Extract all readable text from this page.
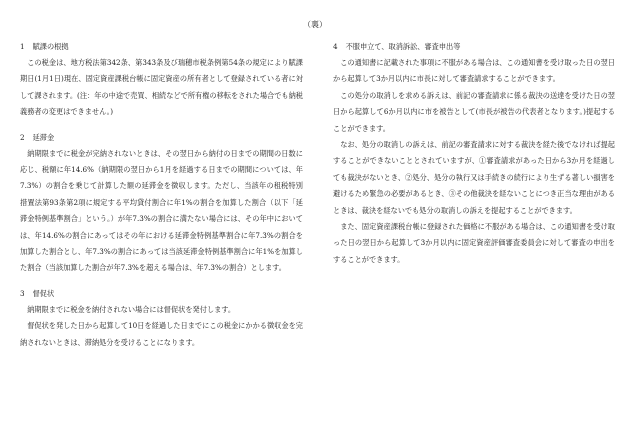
（裏）
1 賦課の根拠

この税金は、地方税法第342条、第343条及び瑞穂市税条例第54条の規定により賦課期日(1月1日)現在、固定資産課税台帳に固定資産の所有者として登録されている者に対して課されます。(注：年の中途で売買、相続などで所有権の移転をされた場合でも納税義務者の変更はできません。)

2 延滞金

納期限までに税金が完納されないときは、その翌日から納付の日までの期間の日数に応じ、税額に年14.6%（納期限の翌日から1月を経過する日までの期間については、年7.3%）の割合を乗じて計算した額の延滞金を徴収します。ただし、当該年の租税特別措置法第93条第2項に規定する平均貸付割合に年1%の割合を加算した割合（以下「延滞金特例基準割合」という。）が年7.3%の割合に満たない場合には、その年中においては、年14.6%の割合にあってはその年における延滞金特例基準割合に年7.3%の割合を加算した割合とし、年7.3%の割合にあっては当該延滞金特例基準割合に年1%を加算した割合（当該加算した割合が年7.3%を超える場合は、年7.3%の割合）とします。

3 督促状

納期限までに税金を納付されない場合には督促状を発付します。

督促状を発した日から起算して10日を経過した日までにこの税金にかかる徴収金を完納されないときは、滞納処分を受けることになります。

4 不服申立て、取消訴訟、審査申出等

この通知書に記載された事項に不服がある場合は、この通知書を受け取った日の翌日から起算して3か月以内に市長に対して審査請求することができます。

この処分の取消しを求める訴えは、前記の審査請求に係る裁決の送達を受けた日の翌日から起算して6か月以内に市を被告として(市長が被告の代表者となります。)提起することができます。

なお、処分の取消しの訴えは、前記の審査請求に対する裁決を経た後でなければ提起することができないこととされていますが、①審査請求があった日から3か月を経過しても裁決がないとき、②処分、処分の執行又は手続きの続行により生ずる著しい損害を避けるため緊急の必要があるとき、③その他裁決を経ないことにつき正当な理由があるときは、裁決を経ないでも処分の取消しの訴えを提起することができます。

また、固定資産課税台帳に登録された価格に不服がある場合は、この通知書を受け取った日の翌日から起算して3か月以内に固定資産評価審査委員会に対して審査の申出をすることができます。
